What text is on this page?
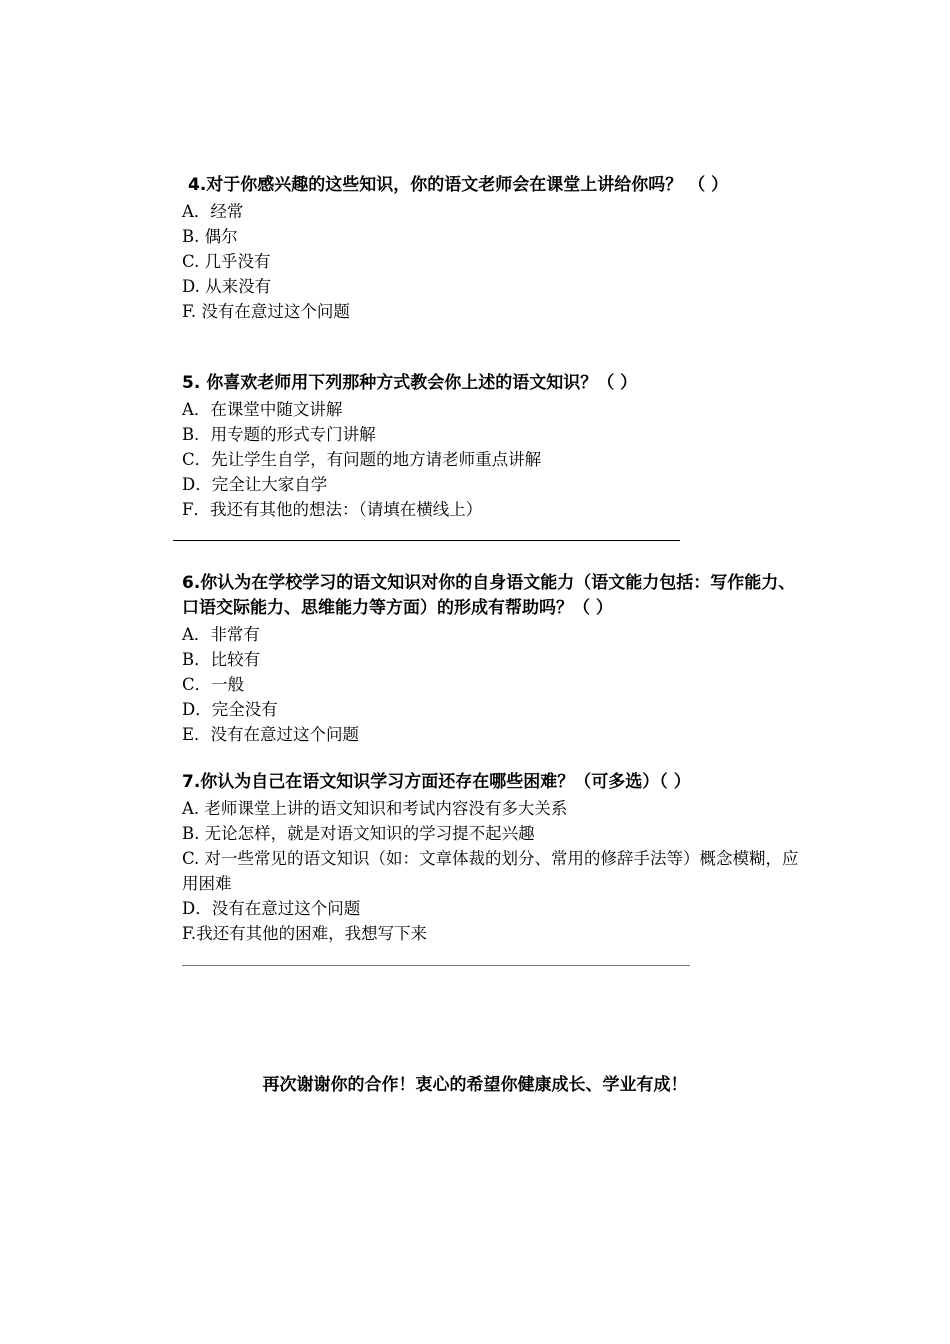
4.对于你感兴趣的这些知识，你的语文老师会在课堂上讲给你吗？ （ ）
A．经常
B. 偶尔
C. 几乎没有
D. 从来没有
F. 没有在意过这个问题
5. 你喜欢老师用下列那种方式教会你上述的语文知识？（ ）
A．在课堂中随文讲解
B．用专题的形式专门讲解
C．先让学生自学，有问题的地方请老师重点讲解
D．完全让大家自学
F．我还有其他的想法：（请填在横线上）
6.你认为在学校学习的语文知识对你的自身语文能力（语文能力包括：写作能力、口语交际能力、思维能力等方面）的形成有帮助吗？（ ）
A．非常有
B．比较有
C．一般
D．完全没有
E．没有在意过这个问题
7.你认为自己在语文知识学习方面还存在哪些困难？（可多选）（ ）
A. 老师课堂上讲的语文知识和考试内容没有多大关系
B. 无论怎样，就是对语文知识的学习提不起兴趣
C. 对一些常见的语文知识（如：文章体裁的划分、常用的修辞手法等）概念模糊，应用困难
D．没有在意过这个问题
F.我还有其他的困难，我想写下来
再次谢谢你的合作！衷心的希望你健康成长、学业有成！
